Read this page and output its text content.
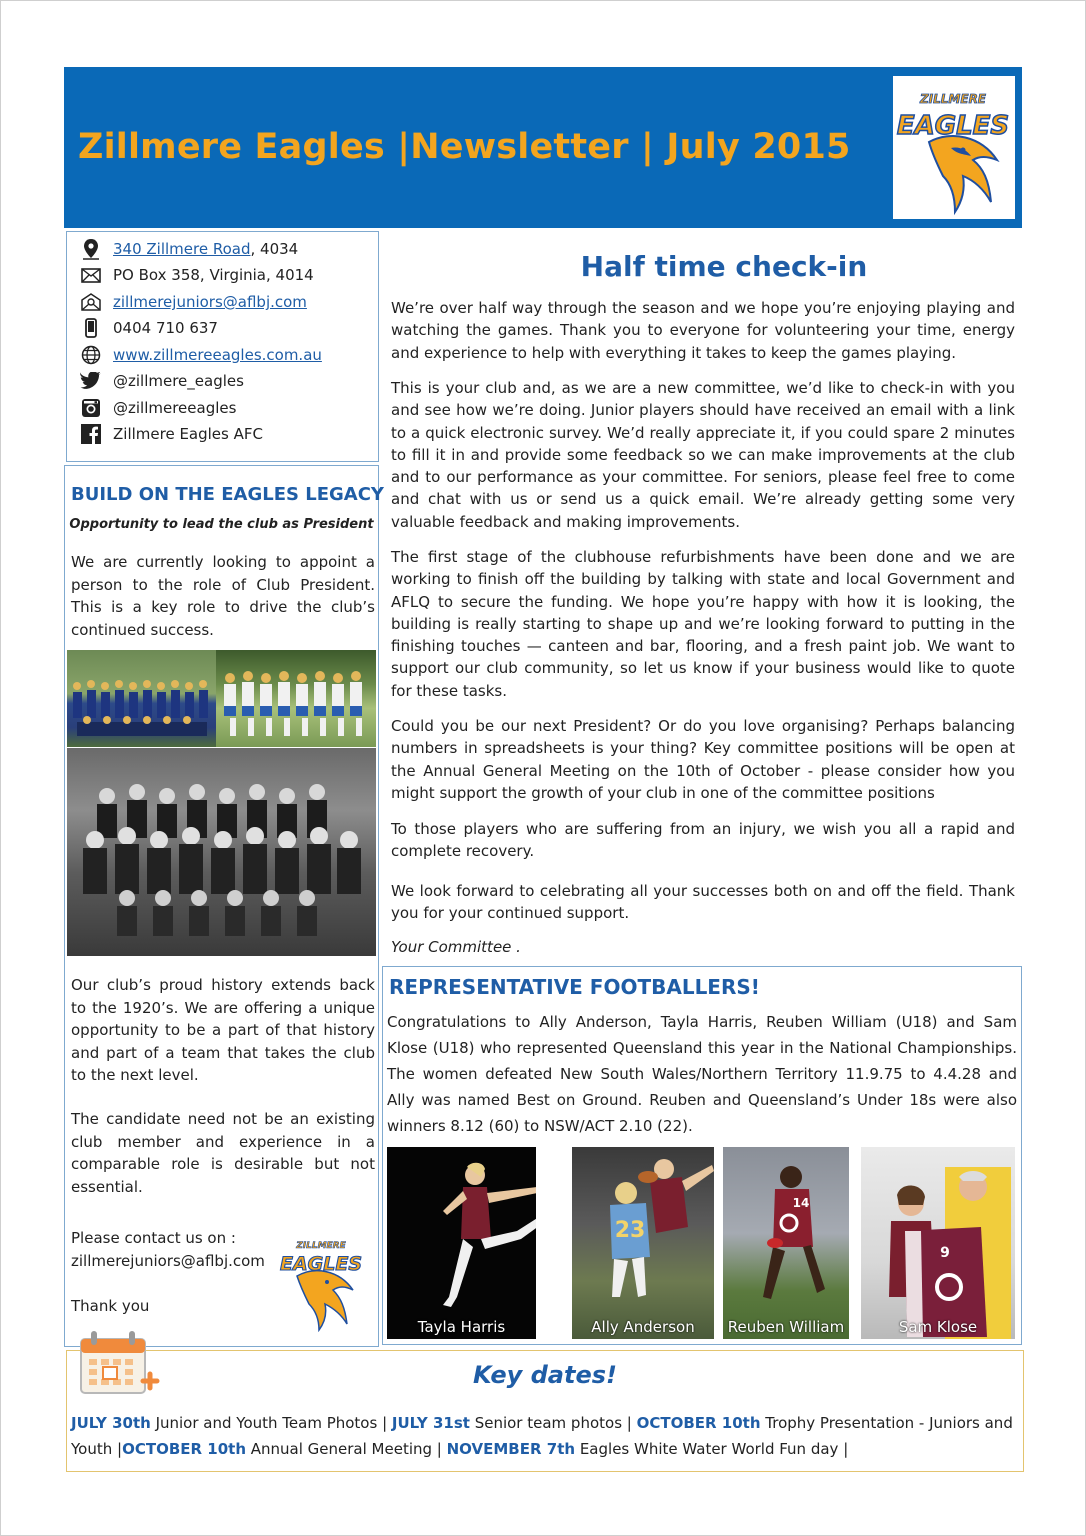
Zillmere Eagles |Newsletter | July 2015
ZILLMERE
EAGLES
340 Zillmere Road , 4034
PO Box 358, Virginia, 4014
zillmerejuniors@aflbj.com
0404 710 637
www.zillmereeagles.com.au
@zillmere_eagles
@zillmereeagles
Zillmere Eagles AFC
BUILD ON THE EAGLES LEGACY
Opportunity to lead the club as President
We are currently looking to appoint a person to the role of Club President. This is a key role to drive the club’s continued success.
Our club’s proud history extends back to the 1920’s. We are offering a unique opportunity to be a part of that history and part of a team that takes the club to the next level.
The candidate need not be an existing club member and experience in a comparable role is desirable but not essential.
Please contact us on :
zillmerejuniors@aflbj.com
Thank you
ZILLMERE
EAGLES
Half time check-in
We’re over half way through the season and we hope you’re enjoying playing and watching the games. Thank you to everyone for volunteering your time, energy and experience to help with everything it takes to keep the games playing.
This is your club and, as we are a new committee, we’d like to check-in with you and see how we’re doing. Junior players should have received an email with a link to a quick electronic survey. We’d really appreciate it, if you could spare 2 minutes to fill it in and provide some feedback so we can make improvements at the club and to our performance as your committee. For seniors, please feel free to come and chat with us or send us a quick email. We’re already getting some very valuable feedback and making improvements.
The first stage of the clubhouse refurbishments have been done and we are working to finish off the building by talking with state and local Government and AFLQ to secure the funding. We hope you’re happy with how it is looking, the building is really starting to shape up and we’re looking forward to putting in the finishing touches — canteen and bar, flooring, and a fresh paint job. We want to support our club community, so let us know if your business would like to quote for these tasks.
Could you be our next President? Or do you love organising? Perhaps balancing numbers in spreadsheets is your thing? Key committee positions will be open at the Annual General Meeting on the 10th of October - please consider how you might support the growth of your club in one of the committee positions
To those players who are suffering from an injury, we wish you all a rapid and complete recovery.
We look forward to celebrating all your successes both on and off the field. Thank you for your continued support.
Your Committee .
REPRESENTATIVE FOOTBALLERS!
Congratulations to Ally Anderson, Tayla Harris, Reuben William (U18) and Sam Klose (U18) who represented Queensland this year in the National Championships. The women defeated New South Wales/Northern Territory 11.9.75 to 4.4.28 and Ally was named Best on Ground. Reuben and Queensland’s Under 18s were also winners 8.12 (60) to NSW/ACT 2.10 (22).
Tayla Harris
23
Ally Anderson
14
Reuben William
9
Sam Klose
Key dates!
JULY 30th Junior and Youth Team Photos | JULY 31st Senior team photos | OCTOBER 10th Trophy Presentation - Juniors and Youth |OCTOBER 10th Annual General Meeting | NOVEMBER 7th Eagles White Water World Fun day |
